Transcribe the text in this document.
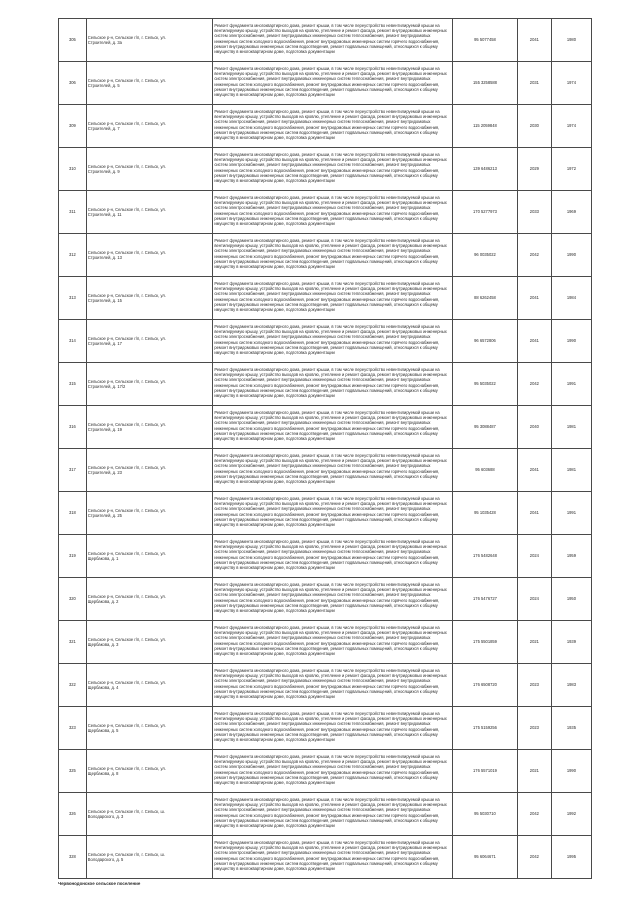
305	Сельское р-н, Сельское г/п, г. Сельск, ул.
Строителей, д. 3а	Ремонт фундамента многоквартирного дома, ремонт крыши, в том числе переустройство невентилируемой крыши на вентилируемую крышу, устройство выходов на кровлю, утепление и ремонт фасада, ремонт внутридомовых инженерных систем электроснабжения, ремонт внутридомовых инженерных систем теплоснабжения, ремонт внутридомовых инженерных систем холодного водоснабжения, ремонт внутридомовых инженерных систем горячего водоснабжения, ремонт внутридомовых инженерных систем водоотведения, ремонт подвальных помещений, относящихся к общему имуществу в многоквартирном доме, подготовка документации	95 5077458	2041	1980
306	Сельское р-н, Сельское г/п, г. Сельск, ул.
Строителей, д. 5	Ремонт фундамента многоквартирного дома, ремонт крыши, в том числе переустройство невентилируемой крыши на вентилируемую крышу, устройство выходов на кровлю, утепление и ремонт фасада, ремонт внутридомовых инженерных систем электроснабжения, ремонт внутридомовых инженерных систем теплоснабжения, ремонт внутридомовых инженерных систем холодного водоснабжения, ремонт внутридомовых инженерных систем горячего водоснабжения, ремонт внутридомовых инженерных систем водоотведения, ремонт подвальных помещений, относящихся к общему имуществу в многоквартирном доме, подготовка документации	155 3258588	2031	1974
309	Сельское р-н, Сельское г/п, г. Сельск, ул.
Строителей, д. 7	Ремонт фундамента многоквартирного дома, ремонт крыши, в том числе переустройство невентилируемой крыши на вентилируемую крышу, устройство выходов на кровлю, утепление и ремонт фасада, ремонт внутридомовых инженерных систем электроснабжения, ремонт внутридомовых инженерных систем теплоснабжения, ремонт внутридомовых инженерных систем холодного водоснабжения, ремонт внутридомовых инженерных систем горячего водоснабжения, ремонт внутридомовых инженерных систем водоотведения, ремонт подвальных помещений, относящихся к общему имуществу в многоквартирном доме, подготовка документации	115 2059848	2030	1974
310	Сельское р-н, Сельское г/п, г. Сельск, ул.
Строителей, д. 9	Ремонт фундамента многоквартирного дома, ремонт крыши, в том числе переустройство невентилируемой крыши на вентилируемую крышу, устройство выходов на кровлю, утепление и ремонт фасада, ремонт внутридомовых инженерных систем электроснабжения, ремонт внутридомовых инженерных систем теплоснабжения, ремонт внутридомовых инженерных систем холодного водоснабжения, ремонт внутридомовых инженерных систем горячего водоснабжения, ремонт внутридомовых инженерных систем водоотведения, ремонт подвальных помещений, относящихся к общему имуществу в многоквартирном доме, подготовка документации	139 6486213	2029	1972
311	Сельское р-н, Сельское г/п, г. Сельск, ул.
Строителей, д. 11	Ремонт фундамента многоквартирного дома, ремонт крыши, в том числе переустройство невентилируемой крыши на вентилируемую крышу, устройство выходов на кровлю, утепление и ремонт фасада, ремонт внутридомовых инженерных систем электроснабжения, ремонт внутридомовых инженерных систем теплоснабжения, ремонт внутридомовых инженерных систем холодного водоснабжения, ремонт внутридомовых инженерных систем горячего водоснабжения, ремонт внутридомовых инженерных систем водоотведения, ремонт подвальных помещений, относящихся к общему имуществу в многоквартирном доме, подготовка документации	170 5277973	2033	1969
312	Сельское р-н, Сельское г/п, г. Сельск, ул.
Строителей, д. 13	Ремонт фундамента многоквартирного дома, ремонт крыши, в том числе переустройство невентилируемой крыши на вентилируемую крышу, устройство выходов на кровлю, утепление и ремонт фасада, ремонт внутридомовых инженерных систем электроснабжения, ремонт внутридомовых инженерных систем теплоснабжения, ремонт внутридомовых инженерных систем холодного водоснабжения, ремонт внутридомовых инженерных систем горячего водоснабжения, ремонт внутридомовых инженерных систем водоотведения, ремонт подвальных помещений, относящихся к общему имуществу в многоквартирном доме, подготовка документации	96 0035022	2042	1990
313	Сельское р-н, Сельское г/п, г. Сельск, ул.
Строителей, д. 15	Ремонт фундамента многоквартирного дома, ремонт крыши, в том числе переустройство невентилируемой крыши на вентилируемую крышу, устройство выходов на кровлю, утепление и ремонт фасада, ремонт внутридомовых инженерных систем электроснабжения, ремонт внутридомовых инженерных систем теплоснабжения, ремонт внутридомовых инженерных систем холодного водоснабжения, ремонт внутридомовых инженерных систем горячего водоснабжения, ремонт внутридомовых инженерных систем водоотведения, ремонт подвальных помещений, относящихся к общему имуществу в многоквартирном доме, подготовка документации	88 6262458	2041	1984
314	Сельское р-н, Сельское г/п, г. Сельск, ул.
Строителей, д. 17	Ремонт фундамента многоквартирного дома, ремонт крыши, в том числе переустройство невентилируемой крыши на вентилируемую крышу, устройство выходов на кровлю, утепление и ремонт фасада, ремонт внутридомовых инженерных систем электроснабжения, ремонт внутридомовых инженерных систем теплоснабжения, ремонт внутридомовых инженерных систем холодного водоснабжения, ремонт внутридомовых инженерных систем горячего водоснабжения, ремонт внутридомовых инженерных систем водоотведения, ремонт подвальных помещений, относящихся к общему имуществу в многоквартирном доме, подготовка документации	96 6572806	2041	1990
315	Сельское р-н, Сельское г/п, г. Сельск, ул.
Строителей, д. 17/2	Ремонт фундамента многоквартирного дома, ремонт крыши, в том числе переустройство невентилируемой крыши на вентилируемую крышу, устройство выходов на кровлю, утепление и ремонт фасада, ремонт внутридомовых инженерных систем электроснабжения, ремонт внутридомовых инженерных систем теплоснабжения, ремонт внутридомовых инженерных систем холодного водоснабжения, ремонт внутридомовых инженерных систем горячего водоснабжения, ремонт внутридомовых инженерных систем водоотведения, ремонт подвальных помещений, относящихся к общему имуществу в многоквартирном доме, подготовка документации	95 5035022	2042	1991
316	Сельское р-н, Сельское г/п, г. Сельск, ул.
Строителей, д. 19	Ремонт фундамента многоквартирного дома, ремонт крыши, в том числе переустройство невентилируемой крыши на вентилируемую крышу, устройство выходов на кровлю, утепление и ремонт фасада, ремонт внутридомовых инженерных систем электроснабжения, ремонт внутридомовых инженерных систем теплоснабжения, ремонт внутридомовых инженерных систем холодного водоснабжения, ремонт внутридомовых инженерных систем горячего водоснабжения, ремонт внутридомовых инженерных систем водоотведения, ремонт подвальных помещений, относящихся к общему имуществу в многоквартирном доме, подготовка документации	95 3088487	2040	1981
317	Сельское р-н, Сельское г/п, г. Сельск, ул.
Строителей, д. 23	Ремонт фундамента многоквартирного дома, ремонт крыши, в том числе переустройство невентилируемой крыши на вентилируемую крышу, устройство выходов на кровлю, утепление и ремонт фасада, ремонт внутридомовых инженерных систем электроснабжения, ремонт внутридомовых инженерных систем теплоснабжения, ремонт внутридомовых инженерных систем холодного водоснабжения, ремонт внутридомовых инженерных систем горячего водоснабжения, ремонт внутридомовых инженерных систем водоотведения, ремонт подвальных помещений, относящихся к общему имуществу в многоквартирном доме, подготовка документации	95 603688	2041	1981
318	Сельское р-н, Сельское г/п, г. Сельск, ул.
Строителей, д. 25	Ремонт фундамента многоквартирного дома, ремонт крыши, в том числе переустройство невентилируемой крыши на вентилируемую крышу, устройство выходов на кровлю, утепление и ремонт фасада, ремонт внутридомовых инженерных систем электроснабжения, ремонт внутридомовых инженерных систем теплоснабжения, ремонт внутридомовых инженерных систем холодного водоснабжения, ремонт внутридомовых инженерных систем горячего водоснабжения, ремонт внутридомовых инженерных систем водоотведения, ремонт подвальных помещений, относящихся к общему имуществу в многоквартирном доме, подготовка документации	95 1035428	2041	1991
319	Сельское р-н, Сельское г/п, г. Сельск, ул.
Щербакова, д. 1	Ремонт фундамента многоквартирного дома, ремонт крыши, в том числе переустройство невентилируемой крыши на вентилируемую крышу, устройство выходов на кровлю, утепление и ремонт фасада, ремонт внутридомовых инженерных систем электроснабжения, ремонт внутридомовых инженерных систем теплоснабжения, ремонт внутридомовых инженерных систем холодного водоснабжения, ремонт внутридомовых инженерных систем горячего водоснабжения, ремонт внутридомовых инженерных систем водоотведения, ремонт подвальных помещений, относящихся к общему имуществу в многоквартирном доме, подготовка документации	176 5482648	2024	1959
320	Сельское р-н, Сельское г/п, г. Сельск, ул.
Щербакова, д. 2	Ремонт фундамента многоквартирного дома, ремонт крыши, в том числе переустройство невентилируемой крыши на вентилируемую крышу, устройство выходов на кровлю, утепление и ремонт фасада, ремонт внутридомовых инженерных систем электроснабжения, ремонт внутридомовых инженерных систем теплоснабжения, ремонт внутридомовых инженерных систем холодного водоснабжения, ремонт внутридомовых инженерных систем горячего водоснабжения, ремонт внутридомовых инженерных систем водоотведения, ремонт подвальных помещений, относящихся к общему имуществу в многоквартирном доме, подготовка документации	176 5476727	2024	1950
321	Сельское р-н, Сельское г/п, г. Сельск, ул.
Щербакова, д. 3	Ремонт фундамента многоквартирного дома, ремонт крыши, в том числе переустройство невентилируемой крыши на вентилируемую крышу, устройство выходов на кровлю, утепление и ремонт фасада, ремонт внутридомовых инженерных систем электроснабжения, ремонт внутридомовых инженерных систем теплоснабжения, ремонт внутридомовых инженерных систем холодного водоснабжения, ремонт внутридомовых инженерных систем горячего водоснабжения, ремонт внутридомовых инженерных систем водоотведения, ремонт подвальных помещений, относящихся к общему имуществу в многоквартирном доме, подготовка документации	175 5501859	2021	1939
322	Сельское р-н, Сельское г/п, г. Сельск, ул.
Щербакова, д. 4	Ремонт фундамента многоквартирного дома, ремонт крыши, в том числе переустройство невентилируемой крыши на вентилируемую крышу, устройство выходов на кровлю, утепление и ремонт фасада, ремонт внутридомовых инженерных систем электроснабжения, ремонт внутридомовых инженерных систем теплоснабжения, ремонт внутридомовых инженерных систем холодного водоснабжения, ремонт внутридомовых инженерных систем горячего водоснабжения, ремонт внутридомовых инженерных систем водоотведения, ремонт подвальных помещений, относящихся к общему имуществу в многоквартирном доме, подготовка документации	176 6508720	2023	1983
323	Сельское р-н, Сельское г/п, г. Сельск, ул.
Щербакова, д. 5	Ремонт фундамента многоквартирного дома, ремонт крыши, в том числе переустройство невентилируемой крыши на вентилируемую крышу, устройство выходов на кровлю, утепление и ремонт фасада, ремонт внутридомовых инженерных систем электроснабжения, ремонт внутридомовых инженерных систем теплоснабжения, ремонт внутридомовых инженерных систем холодного водоснабжения, ремонт внутридомовых инженерных систем горячего водоснабжения, ремонт внутридомовых инженерных систем водоотведения, ремонт подвальных помещений, относящихся к общему имуществу в многоквартирном доме, подготовка документации	175 5159256	2023	1935
325	Сельское р-н, Сельское г/п, г. Сельск, ул.
Щербакова, д. 8	Ремонт фундамента многоквартирного дома, ремонт крыши, в том числе переустройство невентилируемой крыши на вентилируемую крышу, устройство выходов на кровлю, утепление и ремонт фасада, ремонт внутридомовых инженерных систем электроснабжения, ремонт внутридомовых инженерных систем теплоснабжения, ремонт внутридомовых инженерных систем холодного водоснабжения, ремонт внутридомовых инженерных систем горячего водоснабжения, ремонт внутридомовых инженерных систем водоотведения, ремонт подвальных помещений, относящихся к общему имуществу в многоквартирном доме, подготовка документации	176 5571019	2021	1990
326	Сельское р-н, Сельское г/п, г. Сельск, ш.
Володарского, д. 3	Ремонт фундамента многоквартирного дома, ремонт крыши, в том числе переустройство невентилируемой крыши на вентилируемую крышу, устройство выходов на кровлю, утепление и ремонт фасада, ремонт внутридомовых инженерных систем электроснабжения, ремонт внутридомовых инженерных систем теплоснабжения, ремонт внутридомовых инженерных систем холодного водоснабжения, ремонт внутридомовых инженерных систем горячего водоснабжения, ремонт внутридомовых инженерных систем водоотведения, ремонт подвальных помещений, относящихся к общему имуществу в многоквартирном доме, подготовка документации	95 5030710	2042	1992
328	Сельское р-н, Сельское г/п, г. Сельск, ш.
Володарского, д. 5	Ремонт фундамента многоквартирного дома, ремонт крыши, в том числе переустройство невентилируемой крыши на вентилируемую крышу, устройство выходов на кровлю, утепление и ремонт фасада, ремонт внутридомовых инженерных систем электроснабжения, ремонт внутридомовых инженерных систем теплоснабжения, ремонт внутридомовых инженерных систем холодного водоснабжения, ремонт внутридомовых инженерных систем горячего водоснабжения, ремонт внутридомовых инженерных систем водоотведения, ремонт подвальных помещений, относящихся к общему имуществу в многоквартирном доме, подготовка документации	95 6064671	2042	1995
Червонодонское сельское поселение
